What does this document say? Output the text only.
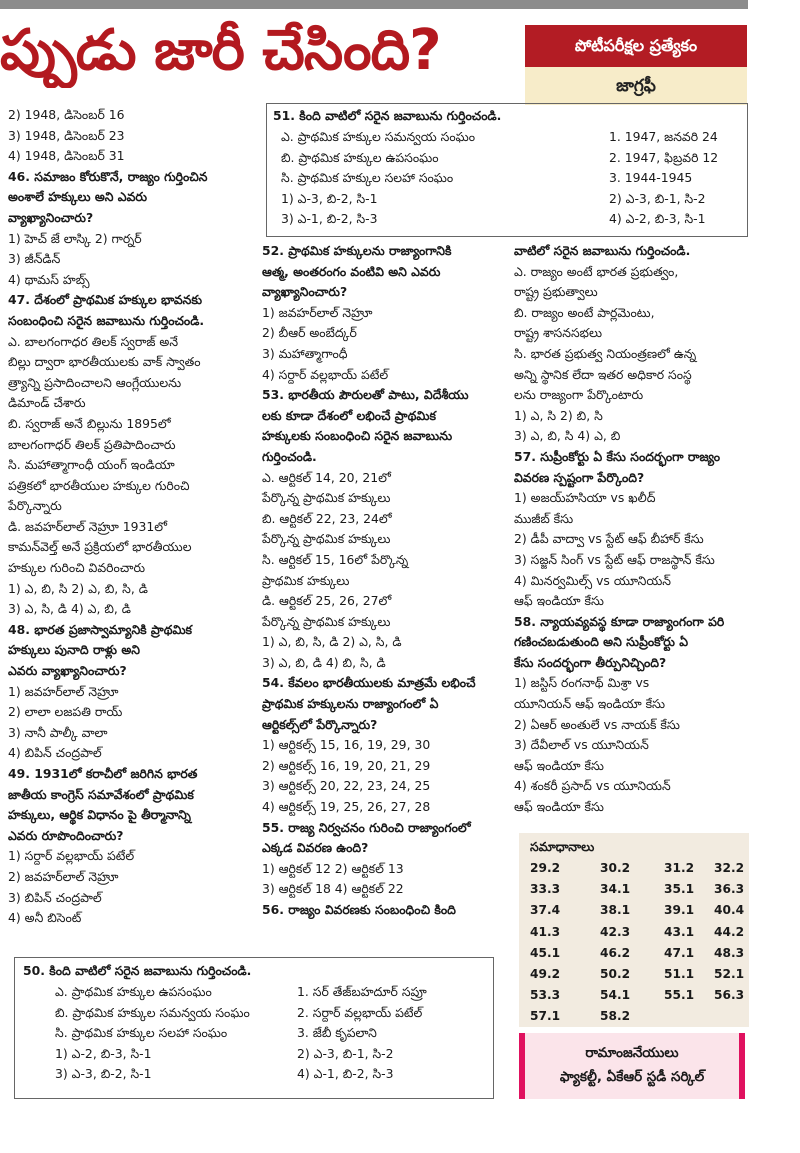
ప్పుడు జారీ చేసింది?	పోటీపరీక్షల ప్రత్యేకం
జాగ్రఫీ
2) 1948, డిసెంబర్ 16
3) 1948, డిసెంబర్ 23
4) 1948, డిసెంబర్ 31
46. సమాజం కోరుకొనే, రాజ్యం గుర్తించిన
అంశాలే హక్కులు అని ఎవరు
వ్యాఖ్యానించారు?
1) హెచ్ జే లాస్కి 2) గార్నర్
3) జీన్‌డిన్
4) థామస్ హబ్స్
47. దేశంలో ప్రాథమిక హక్కుల భావనకు
సంబంధించి సరైన జవాబును గుర్తించండి.
ఎ. బాలగంగాధర తిలక్ స్వరాజ్ అనే
బిల్లు ద్వారా భారతీయులకు వాక్ స్వాతం
త్ర్యాన్ని ప్రసాదించాలని ఆంగ్లేయులను
డిమాండ్ చేశారు
బి. స్వరాజ్ అనే బిల్లును 1895లో
బాలగంగాధర్ తిలక్ ప్రతిపాదించారు
సి. మహాత్మాగాంధీ యంగ్ ఇండియా
పత్రికలో భారతీయుల హక్కుల గురించి
పేర్కొన్నారు
డి. జవహర్‌లాల్ నెహ్రూ 1931లో
కామన్‌వెల్త్ అనే ప్రక్రియలో భారతీయుల
హక్కుల గురించి వివరించారు
1) ఎ, బి, సి 2) ఎ, బి, సి, డి
3) ఎ, సి, డి 4) ఎ, బి, డి
48. భారత ప్రజాస్వామ్యానికి ప్రాథమిక
హక్కులు పునాది రాళ్లు అని
ఎవరు వ్యాఖ్యానించారు?
1) జవహర్‌లాల్ నెహ్రూ
2) లాలా లజపతి రాయ్
3) నానీ పాల్కీ వాలా
4) బిపిన్ చంద్రపాల్
49. 1931లో కరాచీలో జరిగిన భారత
జాతీయ కాంగ్రెస్ సమావేశంలో ప్రాథమిక
హక్కులు, ఆర్థిక విధానం పై తీర్మానాన్ని
ఎవరు రూపొందించారు?
1) సర్దార్ వల్లభాయ్ పటేల్
2) జవహర్‌లాల్ నెహ్రూ
3) బిపిన్ చంద్రపాల్
4) అనీ బిసెంట్
51. కింది వాటిలో సరైన జవాబును గుర్తించండి.
ఎ. ప్రాథమిక హక్కుల సమన్వయ సంఘం
బి. ప్రాథమిక హక్కుల ఉపసంఘం
సి. ప్రాథమిక హక్కుల సలహా సంఘం
1) ఎ-3, బి-2, సి-1
3) ఎ-1, బి-2, సి-3
1. 1947, జనవరి 24
2. 1947, ఫిబ్రవరి 12
3. 1944-1945
2) ఎ-3, బి-1, సి-2
4) ఎ-2, బి-3, సి-1
52. ప్రాథమిక హక్కులను రాజ్యాంగానికి
ఆత్మ, అంతరంగం వంటివి అని ఎవరు
వ్యాఖ్యానించారు?
1) జవహర్‌లాల్ నెహ్రూ
2) బీఆర్ అంబేద్కర్
3) మహాత్మాగాంధీ
4) సర్దార్ వల్లభాయ్ పటేల్
53. భారతీయ పౌరులతో పాటు, విదేశీయు
లకు కూడా దేశంలో లభించే ప్రాథమిక
హక్కులకు సంబంధించి సరైన జవాబును
గుర్తించండి.
ఎ. ఆర్టికల్ 14, 20, 21లో
పేర్కొన్న ప్రాథమిక హక్కులు
బి. ఆర్టికల్ 22, 23, 24లో
పేర్కొన్న ప్రాథమిక హక్కులు
సి. ఆర్టికల్ 15, 16లో పేర్కొన్న
ప్రాథమిక హక్కులు
డి. ఆర్టికల్ 25, 26, 27లో
పేర్కొన్న ప్రాథమిక హక్కులు
1) ఎ, బి, సి, డి 2) ఎ, సి, డి
3) ఎ, బి, డి 4) బి, సి, డి
54. కేవలం భారతీయులకు మాత్రమే లభించే
ప్రాథమిక హక్కులను రాజ్యాంగంలో ఏ
ఆర్టికల్స్‌లో పేర్కొన్నారు?
1) ఆర్టికల్స్ 15, 16, 19, 29, 30
2) ఆర్టికల్స్ 16, 19, 20, 21, 29
3) ఆర్టికల్స్ 20, 22, 23, 24, 25
4) ఆర్టికల్స్ 19, 25, 26, 27, 28
55. రాజ్య నిర్వచనం గురించి రాజ్యాంగంలో
ఎక్కడ వివరణ ఉంది?
1) ఆర్టికల్ 12 2) ఆర్టికల్ 13
3) ఆర్టికల్ 18 4) ఆర్టికల్ 22
56. రాజ్యం వివరణకు సంబంధించి కింది
వాటిలో సరైన జవాబును గుర్తించండి.
ఎ. రాజ్యం అంటే భారత ప్రభుత్వం,
రాష్ట్ర ప్రభుత్వాలు
బి. రాజ్యం అంటే పార్లమెంటు,
రాష్ట్ర శాసనసభలు
సి. భారత ప్రభుత్వ నియంత్రణలో ఉన్న
అన్ని స్థానిక లేదా ఇతర అధికార సంస్థ
లను రాజ్యంగా పేర్కొంటారు
1) ఎ, సి 2) బి, సి
3) ఎ, బి, సి 4) ఎ, బి
57. సుప్రీంకోర్టు ఏ కేసు సందర్భంగా రాజ్యం
వివరణ స్పష్టంగా పేర్కొంది?
1) అజయ్‌హసియా vs ఖలీద్
ముజీబ్ కేసు
2) డీపీ వాద్వా vs స్టేట్ ఆఫ్ బీహార్ కేసు
3) సజ్జన్ సింగ్ vs స్టేట్ ఆఫ్ రాజస్థాన్ కేసు
4) మినర్వమిల్స్ vs యూనియన్
ఆఫ్ ఇండియా కేసు
58. న్యాయవ్యవస్థ కూడా రాజ్యాంగంగా పరి
గణించబడుతుంది అని సుప్రీంకోర్టు ఏ
కేసు సందర్భంగా తీర్పునిచ్చింది?
1) జస్టిస్ రంగనాథ్ మిశ్రా vs
యూనియన్ ఆఫ్ ఇండియా కేసు
2) ఏఆర్ అంతులే vs నాయక్ కేసు
3) దేవీలాల్ vs యూనియన్
ఆఫ్ ఇండియా కేసు
4) శంకరీ ప్రసాద్ vs యూనియన్
ఆఫ్ ఇండియా కేసు
50. కింది వాటిలో సరైన జవాబును గుర్తించండి.
ఎ. ప్రాథమిక హక్కుల ఉపసంఘం
బి. ప్రాథమిక హక్కుల సమన్వయ సంఘం
సి. ప్రాథమిక హక్కుల సలహా సంఘం
1) ఎ-2, బి-3, సి-1
3) ఎ-3, బి-2, సి-1
1. సర్ తేజ్‌బహదూర్ సప్రూ
2. సర్దార్ వల్లభాయ్ పటేల్
3. జేబీ కృపలాని
2) ఎ-3, బి-1, సి-2
4) ఎ-1, బి-2, సి-3
సమాధానాలు
29.2	30.2	31.2	32.2
33.3	34.1	35.1	36.3
37.4	38.1	39.1	40.4
41.3	42.3	43.1	44.2
45.1	46.2	47.1	48.3
49.2	50.2	51.1	52.1
53.3	54.1	55.1	56.3
57.1	58.2
రామాంజనేయులు
ఫ్యాకల్టీ, ఏకేఆర్ స్టడీ సర్కిల్
